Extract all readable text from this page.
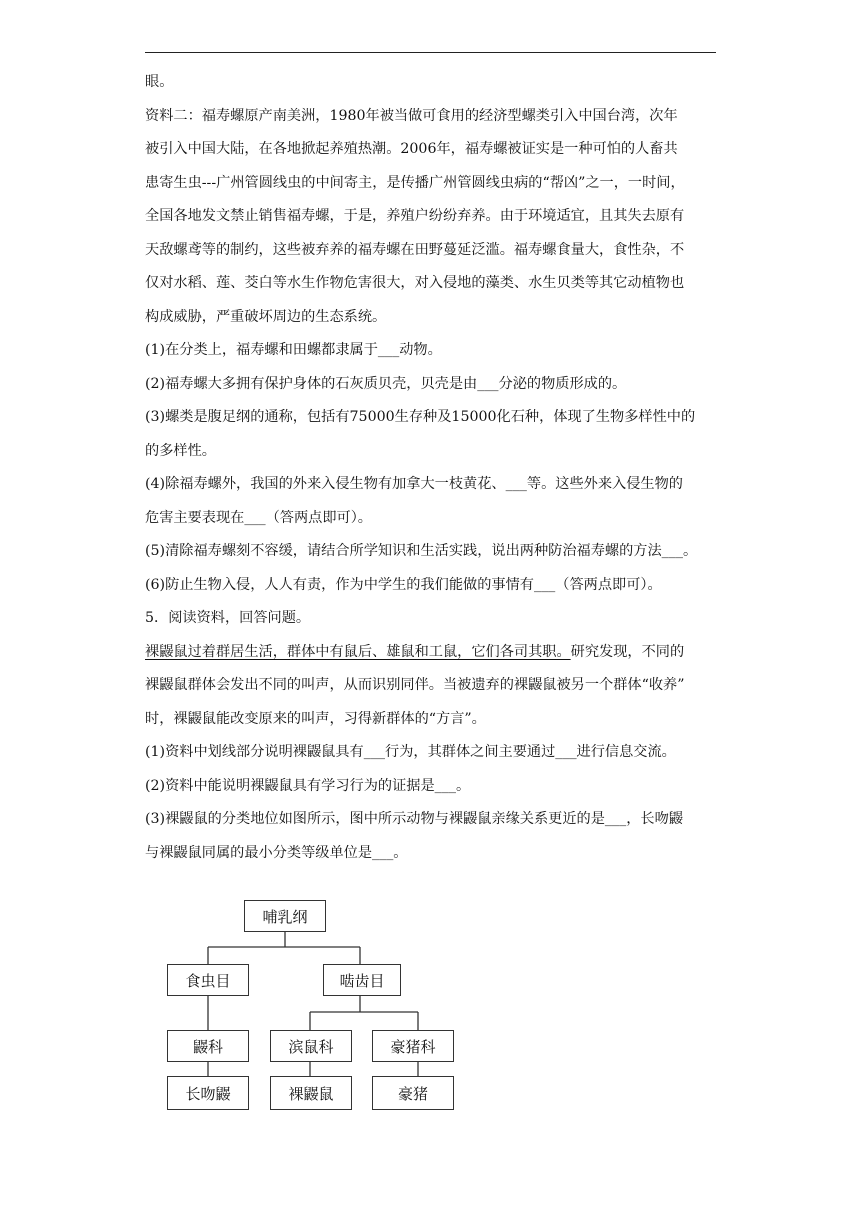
眼。

资料二：福寿螺原产南美洲，1980年被当做可食用的经济型螺类引入中国台湾，次年

被引入中国大陆，在各地掀起养殖热潮。2006年，福寿螺被证实是一种可怕的人畜共

患寄生虫---广州管圆线虫的中间寄主，是传播广州管圆线虫病的“帮凶”之一，一时间，

全国各地发文禁止销售福寿螺，于是，养殖户纷纷弃养。由于环境适宜，且其失去原有

天敌螺鸢等的制约，这些被弃养的福寿螺在田野蔓延泛滥。福寿螺食量大，食性杂，不

仅对水稻、莲、茭白等水生作物危害很大，对入侵地的藻类、水生贝类等其它动植物也

构成威胁，严重破坏周边的生态系统。

(1)在分类上，福寿螺和田螺都隶属于___动物。

(2)福寿螺大多拥有保护身体的石灰质贝壳，贝壳是由___分泌的物质形成的。

(3)螺类是腹足纲的通称，包括有75000生存种及15000化石种，体现了生物多样性中的

的多样性。

(4)除福寿螺外，我国的外来入侵生物有加拿大一枝黄花、___等。这些外来入侵生物的

危害主要表现在___（答两点即可）。

(5)清除福寿螺刻不容缓，请结合所学知识和生活实践，说出两种防治福寿螺的方法___。

(6)防止生物入侵，人人有责，作为中学生的我们能做的事情有___（答两点即可）。

5．阅读资料，回答问题。

裸鼹鼠过着群居生活，群体中有鼠后、雄鼠和工鼠，它们各司其职。研究发现，不同的

裸鼹鼠群体会发出不同的叫声，从而识别同伴。当被遗弃的裸鼹鼠被另一个群体“收养”

时，裸鼹鼠能改变原来的叫声，习得新群体的“方言”。

(1)资料中划线部分说明裸鼹鼠具有___行为，其群体之间主要通过___进行信息交流。

(2)资料中能说明裸鼹鼠具有学习行为的证据是___。

(3)裸鼹鼠的分类地位如图所示，图中所示动物与裸鼹鼠亲缘关系更近的是___，长吻鼹

与裸鼹鼠同属的最小分类等级单位是___。

哺乳纲
食虫目	啮齿目
鼹科	滨鼠科	豪猪科
长吻鼹	裸鼹鼠	豪猪
